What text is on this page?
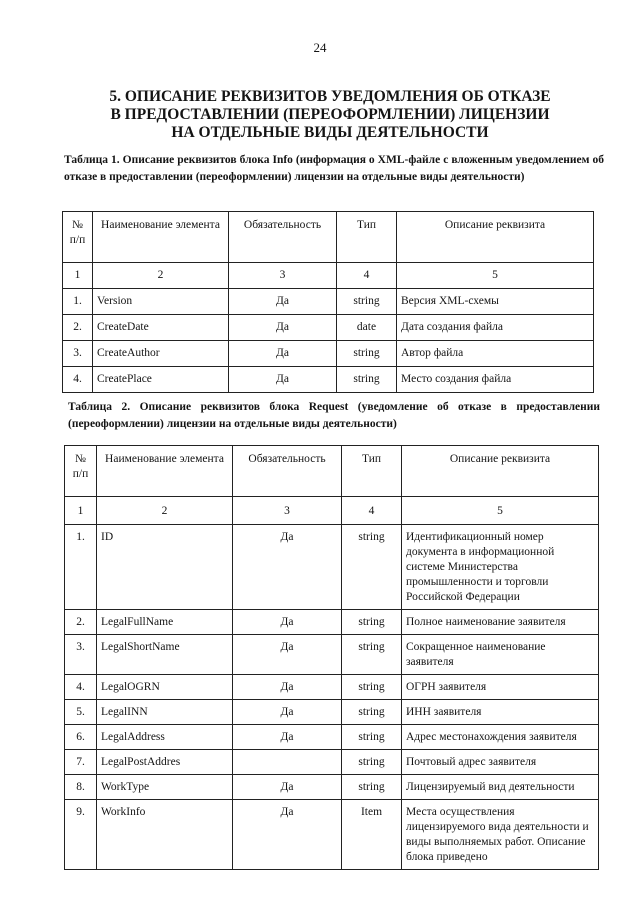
24
5. ОПИСАНИЕ РЕКВИЗИТОВ УВЕДОМЛЕНИЯ ОБ ОТКАЗЕ
В ПРЕДОСТАВЛЕНИИ (ПЕРЕОФОРМЛЕНИИ) ЛИЦЕНЗИИ
НА ОТДЕЛЬНЫЕ ВИДЫ ДЕЯТЕЛЬНОСТИ

Таблица 1. Описание реквизитов блока Info (информация о XML-файле с вложенным уведомлением об отказе в предоставлении (переоформлении) лицензии на отдельные виды деятельности)

№ п/п	Наименование элемента	Обязательность	Тип	Описание реквизита
1	2	3	4	5
1.	Version	Да	string	Версия XML-схемы
2.	CreateDate	Да	date	Дата создания файла
3.	CreateAuthor	Да	string	Автор файла
4.	CreatePlace	Да	string	Место создания файла

Таблица 2. Описание реквизитов блока Request (уведомление об отказе в предоставлении (переоформлении) лицензии на отдельные виды деятельности)

№ п/п	Наименование элемента	Обязательность	Тип	Описание реквизита
1	2	3	4	5
1.	ID	Да	string	Идентификационный номер документа в информационной системе Министерства промышленности и торговли Российской Федерации
2.	LegalFullName	Да	string	Полное наименование заявителя
3.	LegalShortName	Да	string	Сокращенное наименование заявителя
4.	LegalOGRN	Да	string	ОГРН заявителя
5.	LegalINN	Да	string	ИНН заявителя
6.	LegalAddress	Да	string	Адрес местонахождения заявителя
7.	LegalPostAddres		string	Почтовый адрес заявителя
8.	WorkType	Да	string	Лицензируемый вид деятельности
9.	WorkInfo	Да	Item	Места осуществления лицензируемого вида деятельности и виды выполняемых работ. Описание блока приведено
